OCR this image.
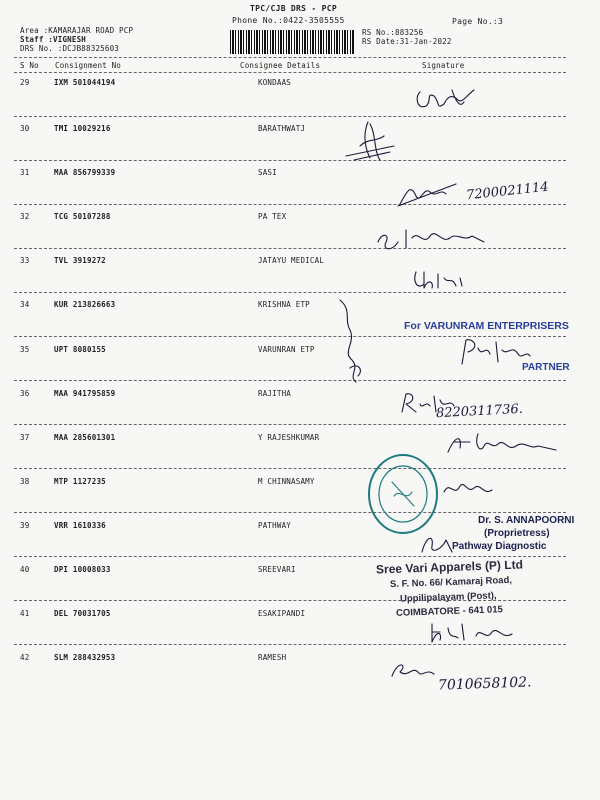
TPC/CJB DRS - PCP
Phone No.:0422-3505555	Page No.:3
Area :KAMARAJAR ROAD PCP
Staff :VIGNESH
DRS No. :DCJB88325603
RS No.:883256
RS Date:31-Jan-2022
S No Consignment No	Consignee Details	Signature
29	IXM 501044194	KONDAAS
30	TMI 10029216	BARATHWATJ
31	MAA 856799339	SASI
32	TCG 50107288	PA TEX
33	TVL 3919272	JATAYU MEDICAL
34	KUR 213826663	KRISHNA ETP
35	UPT 8080155	VARUNRAN ETP
36	MAA 941795859	RAJITHA
37	MAA 285601301	Y RAJESHKUMAR
38	MTP 1127235	M CHINNASAMY
39	VRR 1610336	PATHWAY
40	DPI 10008033	SREEVARI
41	DEL 70031705	ESAKIPANDI
42	SLM 288432953	RAMESH
7200021114
For VARUNRAM ENTERPRISERS
PARTNER
8220311736.
Dr. S. ANNAPOORNI
(Proprietress)
Pathway Diagnostic
Sree Vari Apparels (P) Ltd
S. F. No. 66/ Kamaraj Road,
Uppilipalayam (Post),
COIMBATORE - 641 015
7010658102.
